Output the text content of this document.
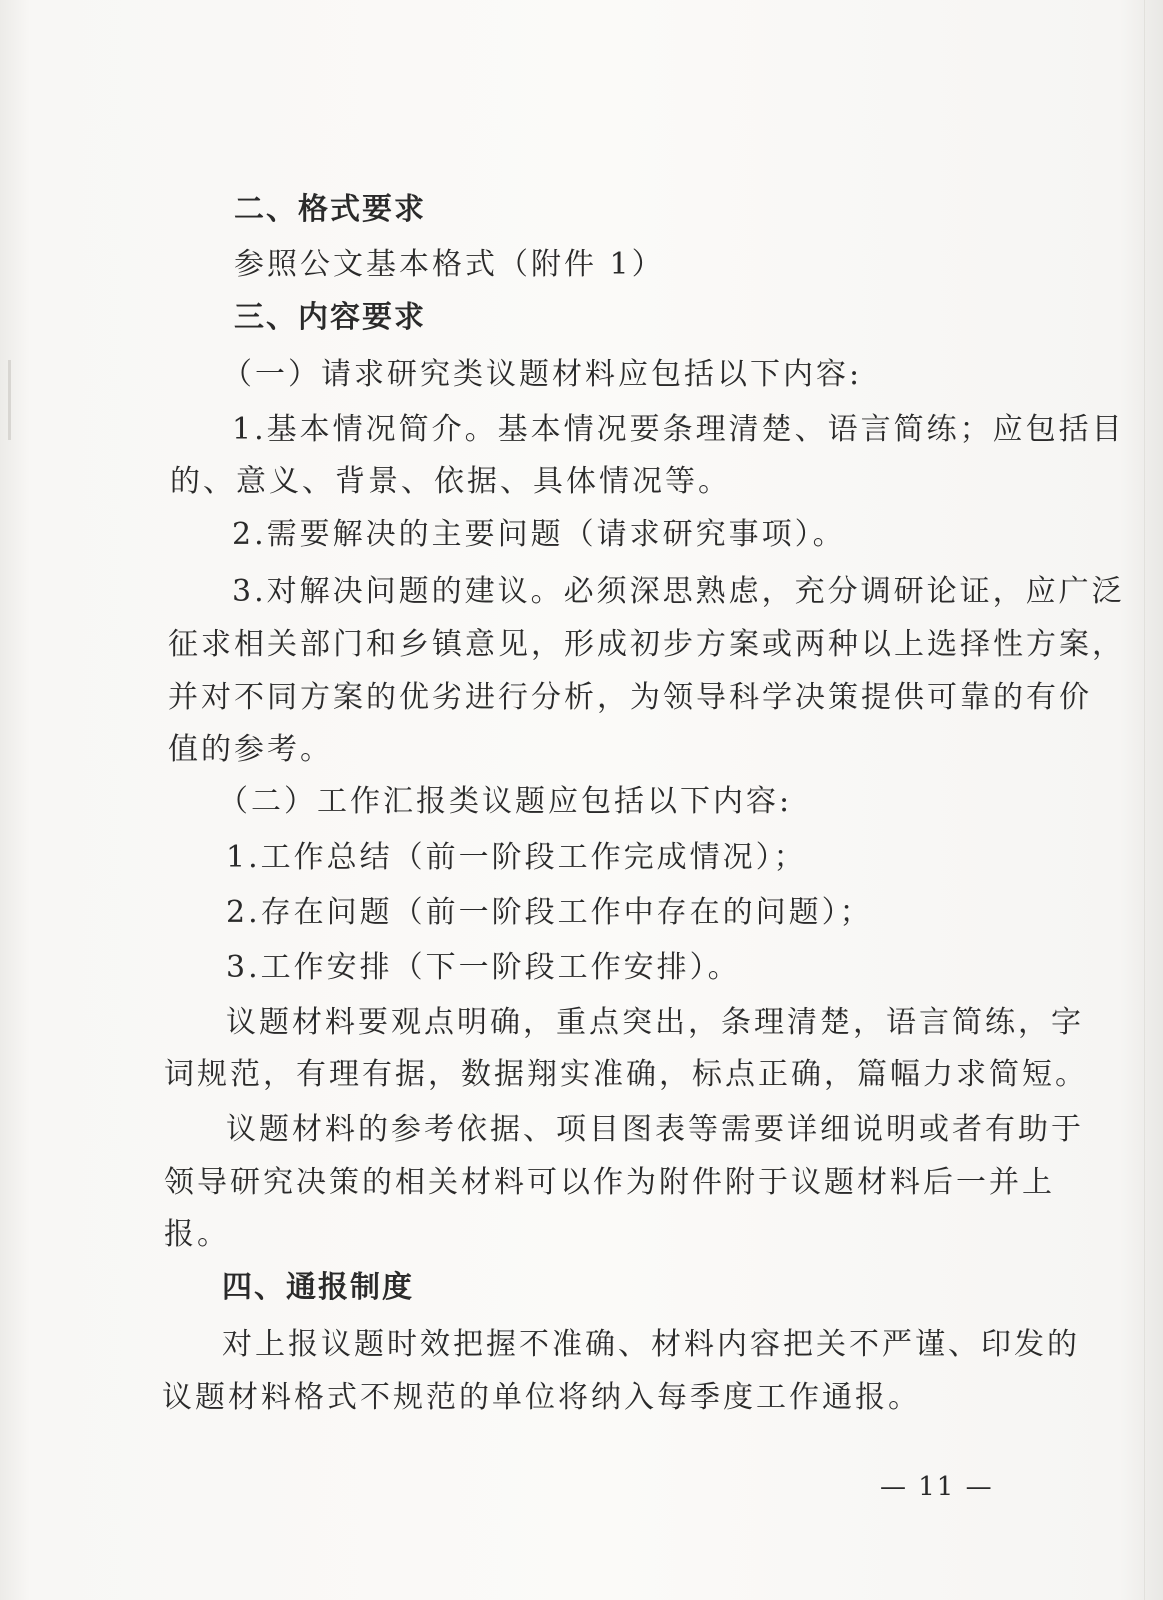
二、格式要求
参照公文基本格式（附件 1）
三、内容要求
（一）请求研究类议题材料应包括以下内容:
1.基本情况简介。基本情况要条理清楚、语言简练；应包括目
的、意义、背景、依据、具体情况等。
2.需要解决的主要问题（请求研究事项）。
3.对解决问题的建议。必须深思熟虑，充分调研论证，应广泛
征求相关部门和乡镇意见，形成初步方案或两种以上选择性方案，
并对不同方案的优劣进行分析，为领导科学决策提供可靠的有价
值的参考。
（二）工作汇报类议题应包括以下内容:
1.工作总结（前一阶段工作完成情况）；
2.存在问题（前一阶段工作中存在的问题）；
3.工作安排（下一阶段工作安排）。
议题材料要观点明确，重点突出，条理清楚，语言简练，字
词规范，有理有据，数据翔实准确，标点正确，篇幅力求简短。
议题材料的参考依据、项目图表等需要详细说明或者有助于
领导研究决策的相关材料可以作为附件附于议题材料后一并上
报。
四、通报制度
对上报议题时效把握不准确、材料内容把关不严谨、印发的
议题材料格式不规范的单位将纳入每季度工作通报。
— 11 —
